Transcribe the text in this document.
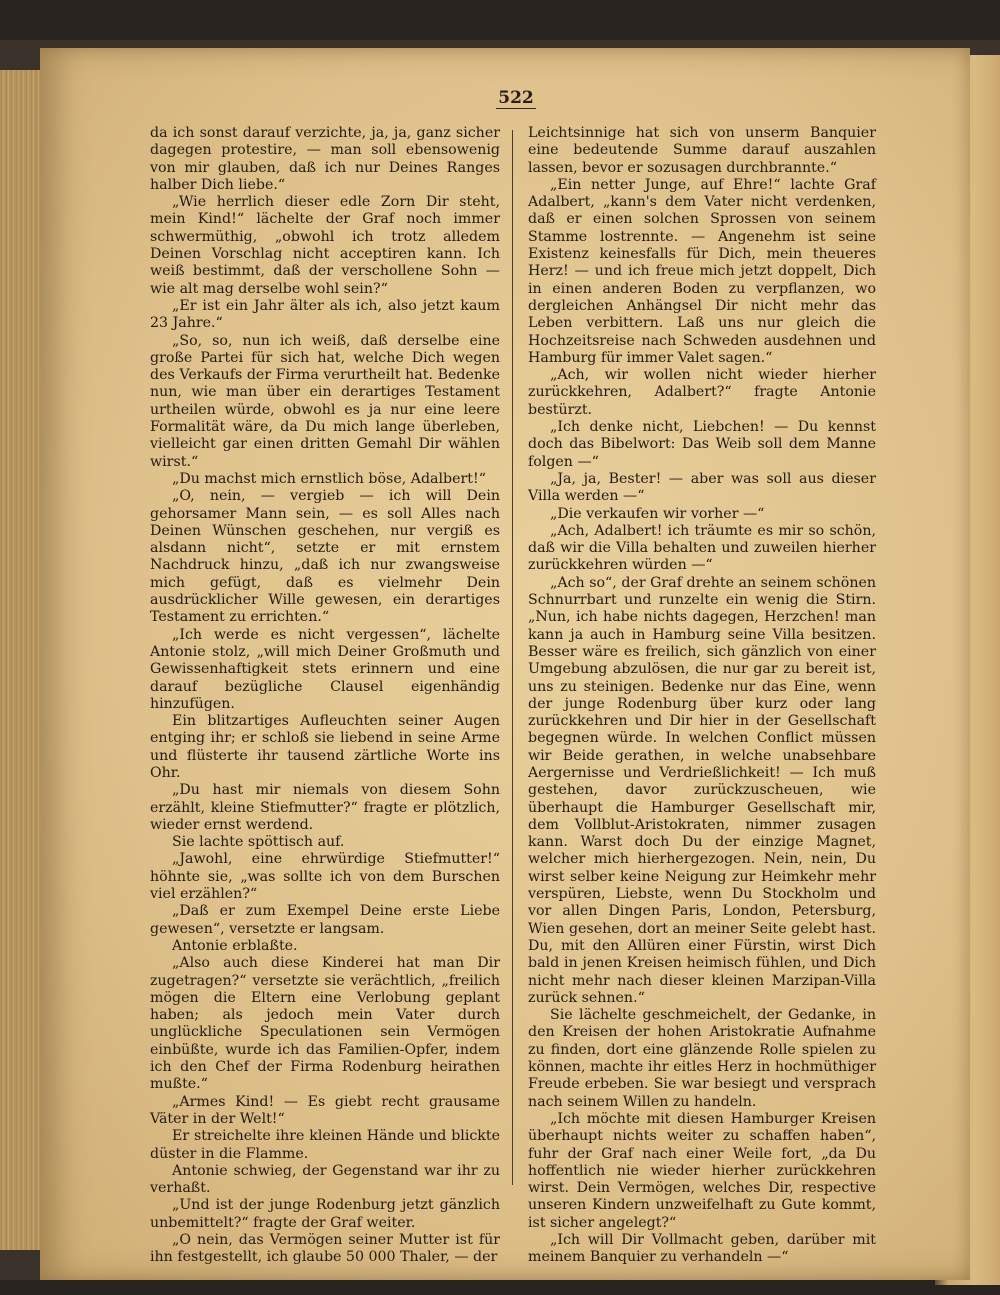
522

da ich sonst darauf verzichte, ja, ja, ganz sicher dagegen protestire, — man soll ebensowenig von mir glauben, daß ich nur Deines Ranges halber Dich liebe.“

„Wie herrlich dieser edle Zorn Dir steht, mein Kind!“ lächelte der Graf noch immer schwermüthig, „obwohl ich trotz alledem Deinen Vorschlag nicht acceptiren kann. Ich weiß bestimmt, daß der verschollene Sohn — wie alt mag derselbe wohl sein?“

„Er ist ein Jahr älter als ich, also jetzt kaum 23 Jahre.“

„So, so, nun ich weiß, daß derselbe eine große Partei für sich hat, welche Dich wegen des Verkaufs der Firma verurtheilt hat. Bedenke nun, wie man über ein derartiges Testament urtheilen würde, obwohl es ja nur eine leere Formalität wäre, da Du mich lange überleben, vielleicht gar einen dritten Gemahl Dir wählen wirst.“

„Du machst mich ernstlich böse, Adalbert!“

„O, nein, — vergieb — ich will Dein gehorsamer Mann sein, — es soll Alles nach Deinen Wünschen geschehen, nur vergiß es alsdann nicht“, setzte er mit ernstem Nachdruck hinzu, „daß ich nur zwangsweise mich gefügt, daß es vielmehr Dein ausdrücklicher Wille gewesen, ein derartiges Testament zu errichten.“

„Ich werde es nicht vergessen“, lächelte Antonie stolz, „will mich Deiner Großmuth und Gewissenhaftigkeit stets erinnern und eine darauf bezügliche Clausel eigenhändig hinzufügen.

Ein blitzartiges Aufleuchten seiner Augen entging ihr; er schloß sie liebend in seine Arme und flüsterte ihr tausend zärtliche Worte ins Ohr.

„Du hast mir niemals von diesem Sohn erzählt, kleine Stiefmutter?“ fragte er plötzlich, wieder ernst werdend.

Sie lachte spöttisch auf.

„Jawohl, eine ehrwürdige Stiefmutter!“ höhnte sie, „was sollte ich von dem Burschen viel erzählen?“

„Daß er zum Exempel Deine erste Liebe gewesen“, versetzte er langsam.

Antonie erblaßte.

„Also auch diese Kinderei hat man Dir zugetragen?“ versetzte sie verächtlich, „freilich mögen die Eltern eine Verlobung geplant haben; als jedoch mein Vater durch unglückliche Speculationen sein Vermögen einbüßte, wurde ich das Familien-Opfer, indem ich den Chef der Firma Rodenburg heirathen mußte.“

„Armes Kind! — Es giebt recht grausame Väter in der Welt!“

Er streichelte ihre kleinen Hände und blickte düster in die Flamme.

Antonie schwieg, der Gegenstand war ihr zu verhaßt.

„Und ist der junge Rodenburg jetzt gänzlich unbemittelt?“ fragte der Graf weiter.

„O nein, das Vermögen seiner Mutter ist für ihn festgestellt, ich glaube 50 000 Thaler, — der

Leichtsinnige hat sich von unserm Banquier eine bedeutende Summe darauf auszahlen lassen, bevor er sozusagen durchbrannte.“

„Ein netter Junge, auf Ehre!“ lachte Graf Adalbert, „kann's dem Vater nicht verdenken, daß er einen solchen Sprossen von seinem Stamme lostrennte. — Angenehm ist seine Existenz keinesfalls für Dich, mein theueres Herz! — und ich freue mich jetzt doppelt, Dich in einen anderen Boden zu verpflanzen, wo dergleichen Anhängsel Dir nicht mehr das Leben verbittern. Laß uns nur gleich die Hochzeitsreise nach Schweden ausdehnen und Hamburg für immer Valet sagen.“

„Ach, wir wollen nicht wieder hierher zurückkehren, Adalbert?“ fragte Antonie bestürzt.

„Ich denke nicht, Liebchen! — Du kennst doch das Bibelwort: Das Weib soll dem Manne folgen —“

„Ja, ja, Bester! — aber was soll aus dieser Villa werden —“

„Die verkaufen wir vorher —“

„Ach, Adalbert! ich träumte es mir so schön, daß wir die Villa behalten und zuweilen hierher zurückkehren würden —“

„Ach so“, der Graf drehte an seinem schönen Schnurrbart und runzelte ein wenig die Stirn. „Nun, ich habe nichts dagegen, Herzchen! man kann ja auch in Hamburg seine Villa besitzen. Besser wäre es freilich, sich gänzlich von einer Umgebung abzulösen, die nur gar zu bereit ist, uns zu steinigen. Bedenke nur das Eine, wenn der junge Rodenburg über kurz oder lang zurückkehren und Dir hier in der Gesellschaft begegnen würde. In welchen Conflict müssen wir Beide gerathen, in welche unabsehbare Aergernisse und Verdrießlichkeit! — Ich muß gestehen, davor zurückzuscheuen, wie überhaupt die Hamburger Gesellschaft mir, dem Vollblut-Aristokraten, nimmer zusagen kann. Warst doch Du der einzige Magnet, welcher mich hierhergezogen. Nein, nein, Du wirst selber keine Neigung zur Heimkehr mehr verspüren, Liebste, wenn Du Stockholm und vor allen Dingen Paris, London, Petersburg, Wien gesehen, dort an meiner Seite gelebt hast. Du, mit den Allüren einer Fürstin, wirst Dich bald in jenen Kreisen heimisch fühlen, und Dich nicht mehr nach dieser kleinen Marzipan-Villa zurück sehnen.“

Sie lächelte geschmeichelt, der Gedanke, in den Kreisen der hohen Aristokratie Aufnahme zu finden, dort eine glänzende Rolle spielen zu können, machte ihr eitles Herz in hochmüthiger Freude erbeben. Sie war besiegt und versprach nach seinem Willen zu handeln.

„Ich möchte mit diesen Hamburger Kreisen überhaupt nichts weiter zu schaffen haben“, fuhr der Graf nach einer Weile fort, „da Du hoffentlich nie wieder hierher zurückkehren wirst. Dein Vermögen, welches Dir, respective unseren Kindern unzweifelhaft zu Gute kommt, ist sicher angelegt?“

„Ich will Dir Vollmacht geben, darüber mit meinem Banquier zu verhandeln —“
